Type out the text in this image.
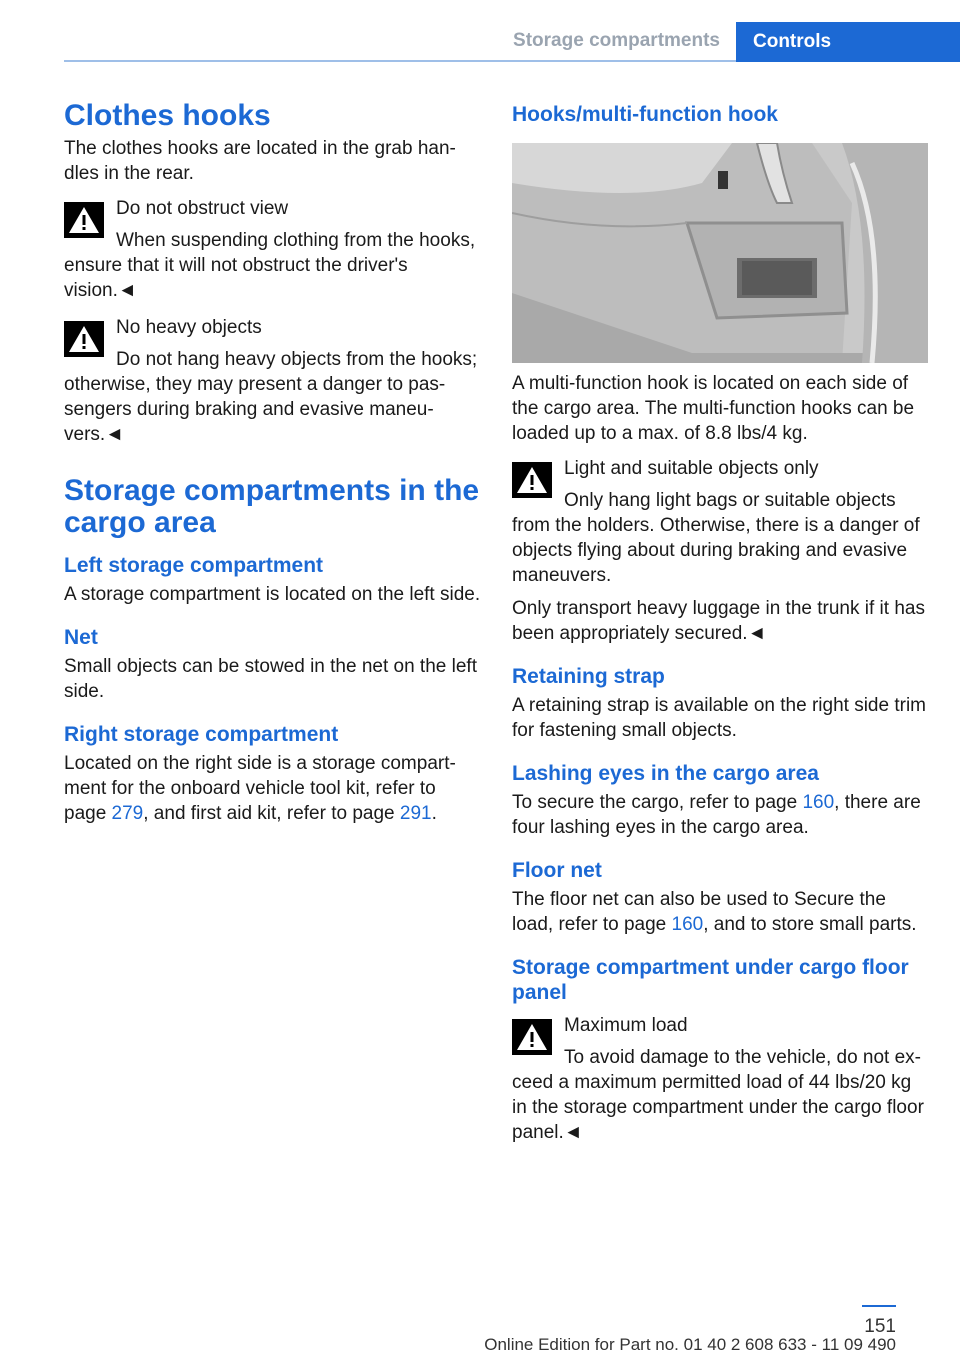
Storage compartments	Controls
Clothes hooks

The clothes hooks are located in the grab han-dles in the rear.

Do not obstruct view
When suspending clothing from the hooks, ensure that it will not obstruct the driver's vision.◄
No heavy objects
Do not hang heavy objects from the hooks; otherwise, they may present a danger to pas-sengers during braking and evasive maneu-vers.◄
Storage compartments in the cargo area
Left storage compartment

A storage compartment is located on the left side.

Net

Small objects can be stowed in the net on the left side.

Right storage compartment

Located on the right side is a storage compart-ment for the onboard vehicle tool kit, refer to page 279, and first aid kit, refer to page 291.

Hooks/multi-function hook

A multi-function hook is located on each side of the cargo area. The multi-function hooks can be loaded up to a max. of 8.8 lbs/4 kg.

Light and suitable objects only
Only hang light bags or suitable objects from the holders. Otherwise, there is a danger of objects flying about during braking and evasive maneuvers.

Only transport heavy luggage in the trunk if it has been appropriately secured.◄

Retaining strap

A retaining strap is available on the right side trim for fastening small objects.

Lashing eyes in the cargo area

To secure the cargo, refer to page 160, there are four lashing eyes in the cargo area.

Floor net

The floor net can also be used to Secure the load, refer to page 160, and to store small parts.

Storage compartment under cargo floor panel
Maximum load
To avoid damage to the vehicle, do not ex-ceed a maximum permitted load of 44 lbs/20 kg in the storage compartment under the cargo floor panel.◄
151
Online Edition for Part no. 01 40 2 608 633 - 11 09 490
